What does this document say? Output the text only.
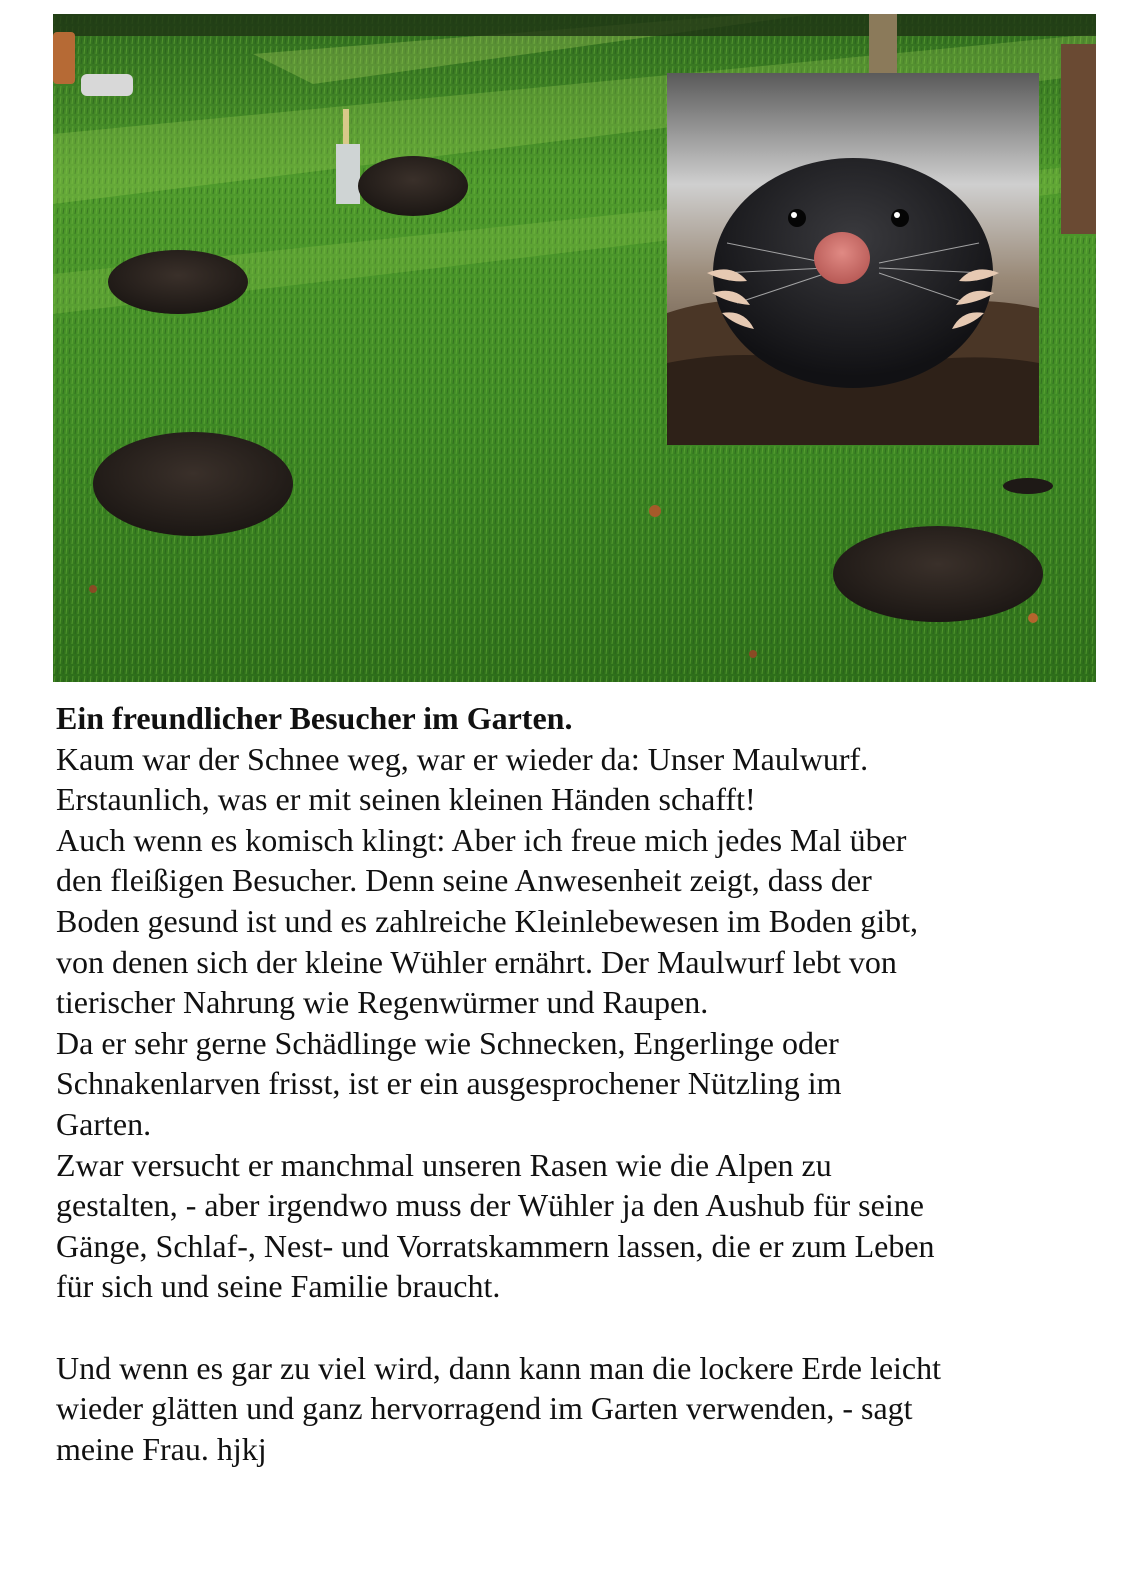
Ein freundlicher Besucher im Garten.

Kaum war der Schnee weg, war er wieder da: Unser Maulwurf.

Erstaunlich, was er mit seinen kleinen Händen schafft!

Auch wenn es komisch klingt: Aber ich freue mich jedes Mal über

den fleißigen Besucher. Denn seine Anwesenheit zeigt, dass der

Boden gesund ist und es zahlreiche Kleinlebewesen im Boden gibt,

von denen sich der kleine Wühler ernährt. Der Maulwurf lebt von

tierischer Nahrung wie Regenwürmer und Raupen.

Da er sehr gerne Schädlinge wie Schnecken, Engerlinge oder

Schnakenlarven frisst, ist er ein ausgesprochener Nützling im

Garten.

Zwar versucht er manchmal unseren Rasen wie die Alpen zu

gestalten, - aber irgendwo muss der Wühler ja den Aushub für seine

Gänge, Schlaf-, Nest- und Vorratskammern lassen, die er zum Leben

für sich und seine Familie braucht.

Und wenn es gar zu viel wird, dann kann man die lockere Erde leicht

wieder glätten und ganz hervorragend im Garten verwenden, - sagt

meine Frau. hjkj
